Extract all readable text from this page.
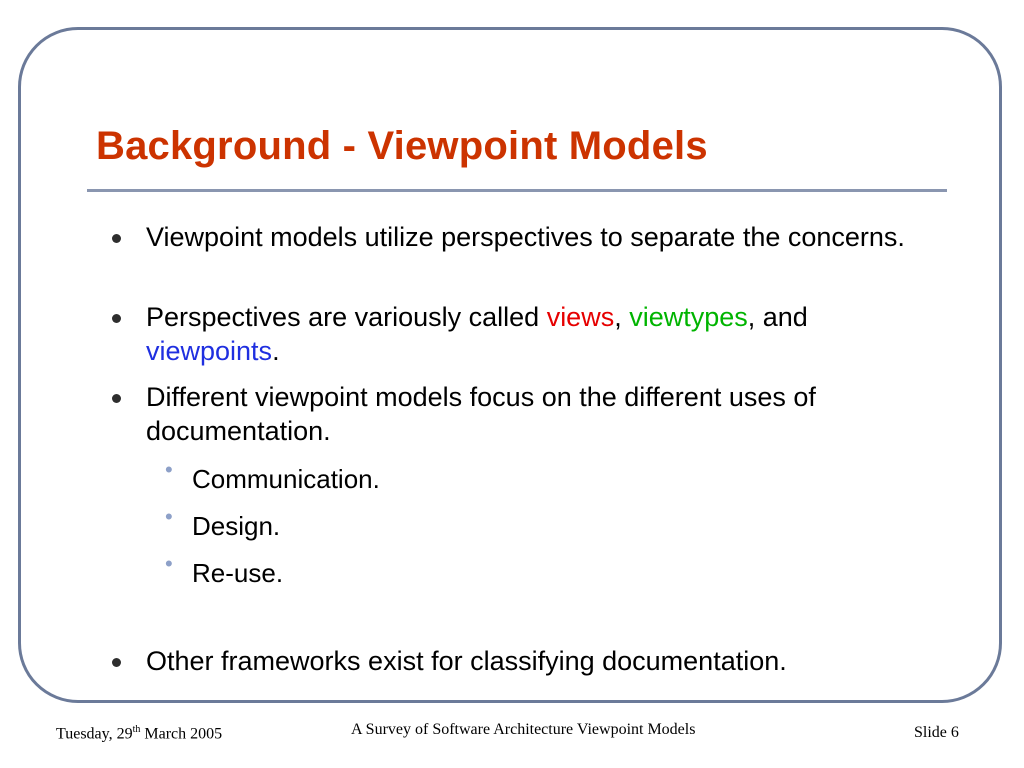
Background - Viewpoint Models
Viewpoint models utilize perspectives to separate the concerns.
Perspectives are variously called views, viewtypes, and
viewpoints.
Different viewpoint models focus on the different uses of documentation.
• Communication.
• Design.
• Re-use.
Other frameworks exist for classifying documentation.
Tuesday, 29th March 2005	A Survey of Software Architecture Viewpoint Models	Slide 6
